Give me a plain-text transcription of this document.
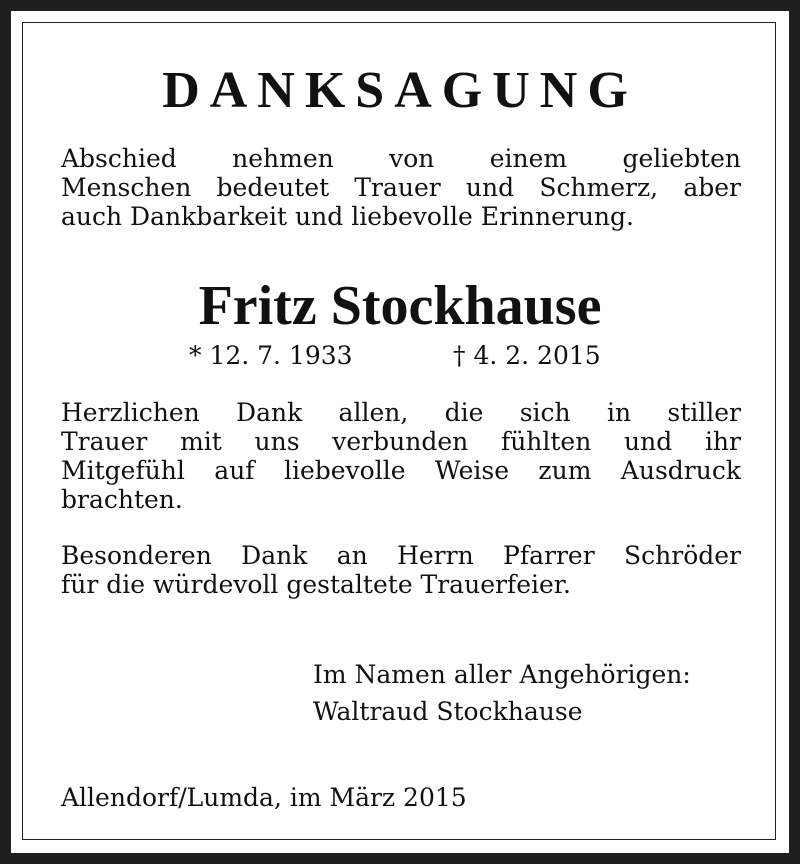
DANKSAGUNG

Abschied nehmen von einem geliebten
Menschen bedeutet Trauer und Schmerz, aber
auch Dankbarkeit und liebevolle Erinnerung.

Fritz Stockhause
* 12. 7. 1933	† 4. 2. 2015

Herzlichen Dank allen, die sich in stiller
Trauer mit uns verbunden fühlten und ihr
Mitgefühl auf liebevolle Weise zum Ausdruck
brachten.

Besonderen Dank an Herrn Pfarrer Schröder
für die würdevoll gestaltete Trauerfeier.

Im Namen aller Angehörigen:
Waltraud Stockhause
Allendorf/Lumda, im März 2015
